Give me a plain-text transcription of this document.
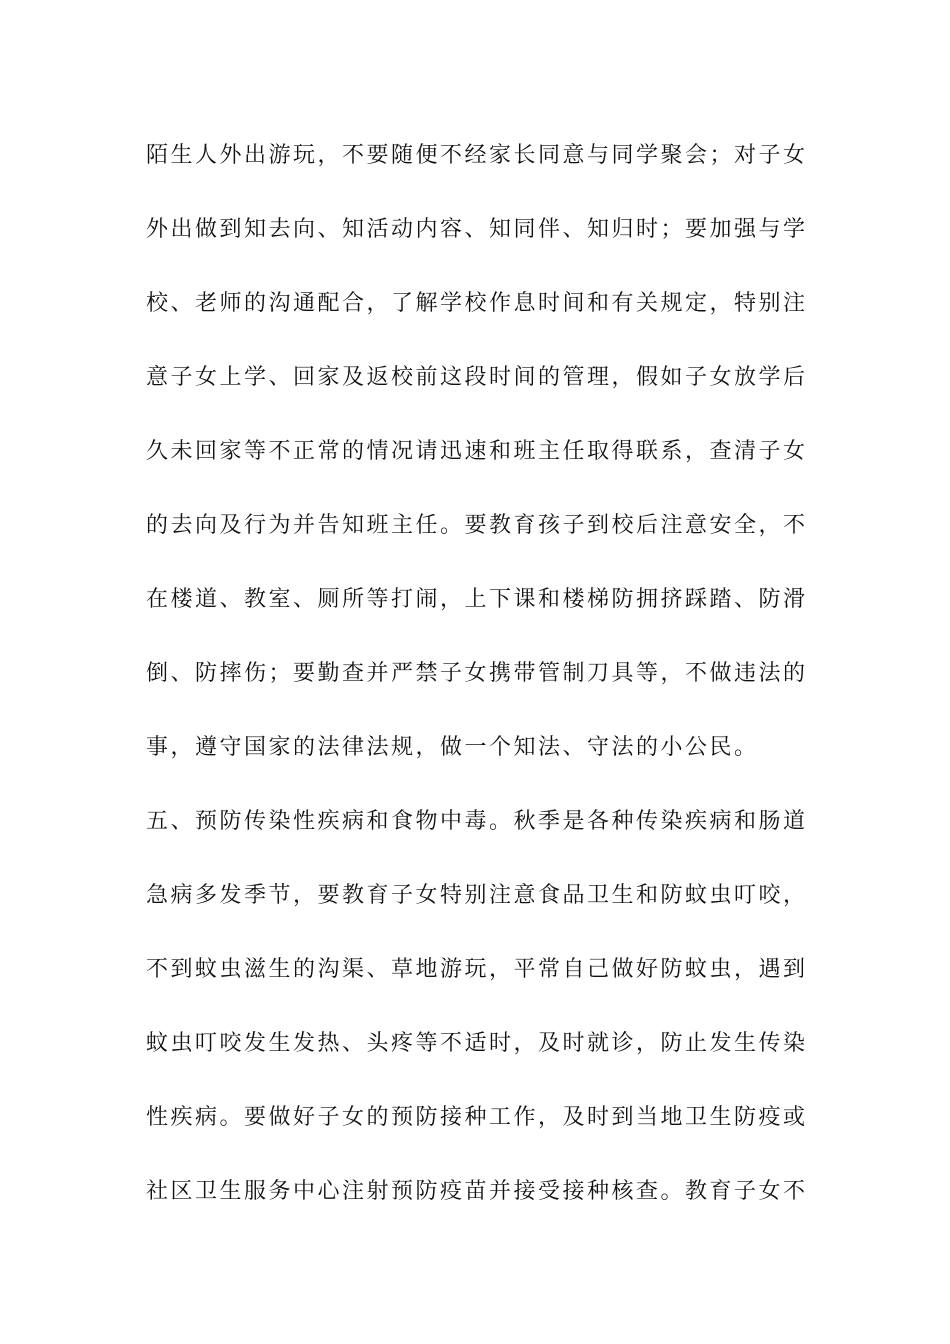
陌生人外出游玩，不要随便不经家长同意与同学聚会；对子女
外出做到知去向、知活动内容、知同伴、知归时；要加强与学
校、老师的沟通配合，了解学校作息时间和有关规定，特别注
意子女上学、回家及返校前这段时间的管理，假如子女放学后
久未回家等不正常的情况请迅速和班主任取得联系，查清子女
的去向及行为并告知班主任。要教育孩子到校后注意安全，不
在楼道、教室、厕所等打闹，上下课和楼梯防拥挤踩踏、防滑
倒、防摔伤；要勤查并严禁子女携带管制刀具等，不做违法的
事，遵守国家的法律法规，做一个知法、守法的小公民。
五、预防传染性疾病和食物中毒。秋季是各种传染疾病和肠道
急病多发季节，要教育子女特别注意食品卫生和防蚊虫叮咬，
不到蚊虫滋生的沟渠、草地游玩，平常自己做好防蚊虫，遇到
蚊虫叮咬发生发热、头疼等不适时，及时就诊，防止发生传染
性疾病。要做好子女的预防接种工作，及时到当地卫生防疫或
社区卫生服务中心注射预防疫苗并接受接种核查。教育子女不
